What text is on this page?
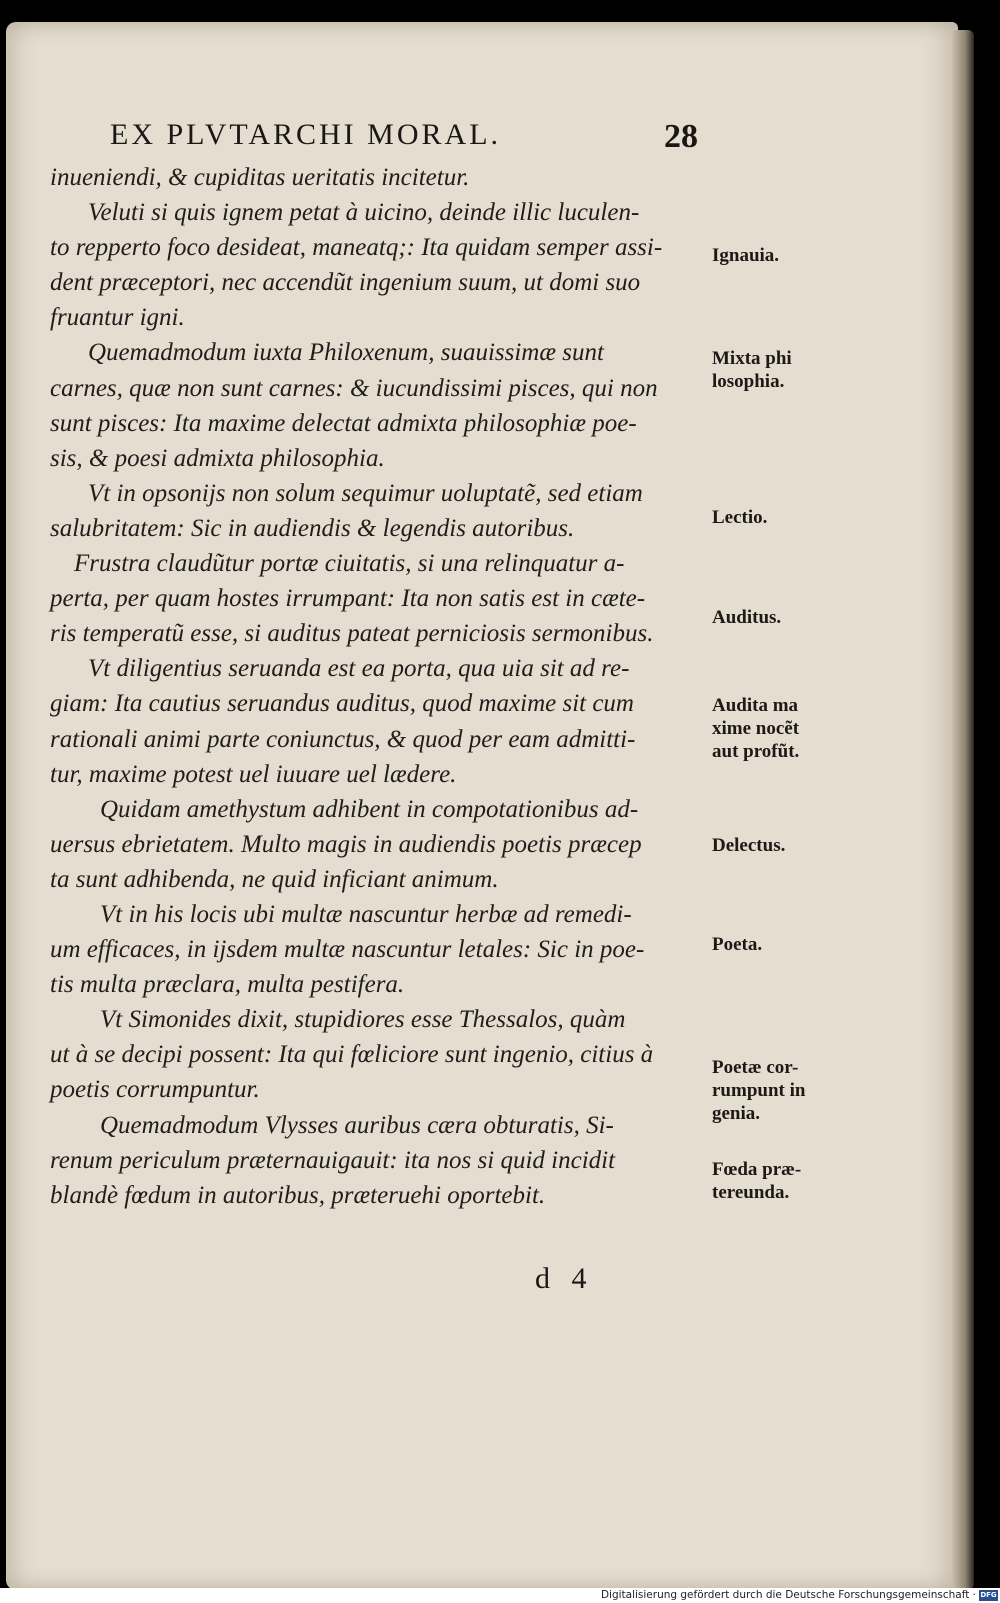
EX PLVTARCHI MORAL.	28
inueniendi, & cupiditas ueritatis incitetur.
Veluti si quis ignem petat à uicino, deinde illic luculen-
to repperto foco desideat, maneatq;: Ita quidam semper assi-
dent præceptori, nec accendũt ingenium suum, ut domi suo
fruantur igni.
Quemadmodum iuxta Philoxenum, suauissimæ sunt
carnes, quæ non sunt carnes: & iucundissimi pisces, qui non
sunt pisces: Ita maxime delectat admixta philosophiæ poe-
sis, & poesi admixta philosophia.
Vt in opsonijs non solum sequimur uoluptatẽ, sed etiam
salubritatem: Sic in audiendis & legendis autoribus.
Frustra claudũtur portæ ciuitatis, si una relinquatur a-
perta, per quam hostes irrumpant: Ita non satis est in cæte-
ris temperatũ esse, si auditus pateat perniciosis sermonibus.
Vt diligentius seruanda est ea porta, qua uia sit ad re-
giam: Ita cautius seruandus auditus, quod maxime sit cum
rationali animi parte coniunctus, & quod per eam admitti-
tur, maxime potest uel iuuare uel lædere.
Quidam amethystum adhibent in compotationibus ad-
uersus ebrietatem. Multo magis in audiendis poetis præcep
ta sunt adhibenda, ne quid inficiant animum.
Vt in his locis ubi multæ nascuntur herbæ ad remedi-
um efficaces, in ijsdem multæ nascuntur letales: Sic in poe-
tis multa præclara, multa pestifera.
Vt Simonides dixit, stupidiores esse Thessalos, quàm
ut à se decipi possent: Ita qui fœliciore sunt ingenio, citius à
poetis corrumpuntur.
Quemadmodum Vlysses auribus cæra obturatis, Si-
renum periculum præternauigauit: ita nos si quid incidit
blandè fœdum in autoribus, præteruehi oportebit.
Ignauia.
Mixta phi
losophia.
Lectio.
Auditus.
Audita ma
xime nocẽt
aut profũt.
Delectus.
Poeta.
Poetæ cor-
rumpunt in
genia.
Fœda præ-
tereunda.
d 4
Digitalisierung gefördert durch die Deutsche Forschungsgemeinschaft · DFG
